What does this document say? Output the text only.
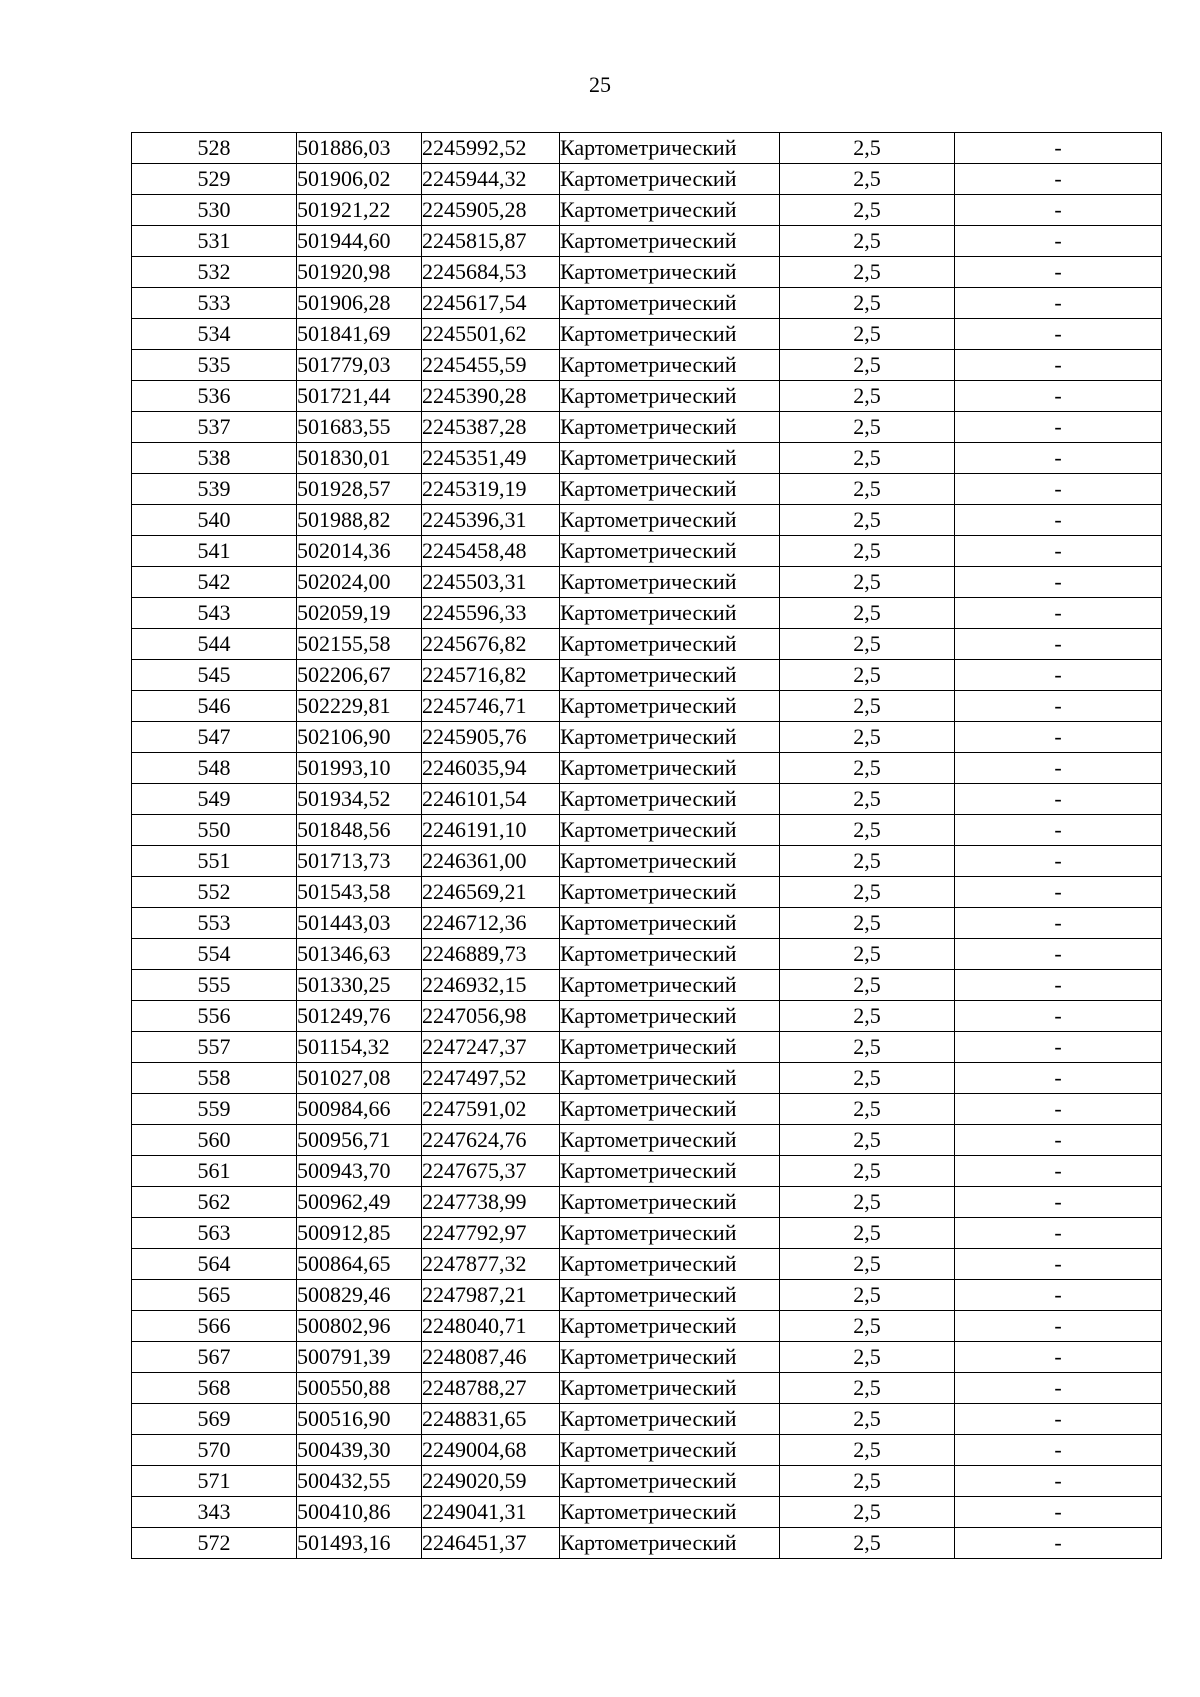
25
528	501886,03	2245992,52	Картометрический	2,5	-
529	501906,02	2245944,32	Картометрический	2,5	-
530	501921,22	2245905,28	Картометрический	2,5	-
531	501944,60	2245815,87	Картометрический	2,5	-
532	501920,98	2245684,53	Картометрический	2,5	-
533	501906,28	2245617,54	Картометрический	2,5	-
534	501841,69	2245501,62	Картометрический	2,5	-
535	501779,03	2245455,59	Картометрический	2,5	-
536	501721,44	2245390,28	Картометрический	2,5	-
537	501683,55	2245387,28	Картометрический	2,5	-
538	501830,01	2245351,49	Картометрический	2,5	-
539	501928,57	2245319,19	Картометрический	2,5	-
540	501988,82	2245396,31	Картометрический	2,5	-
541	502014,36	2245458,48	Картометрический	2,5	-
542	502024,00	2245503,31	Картометрический	2,5	-
543	502059,19	2245596,33	Картометрический	2,5	-
544	502155,58	2245676,82	Картометрический	2,5	-
545	502206,67	2245716,82	Картометрический	2,5	-
546	502229,81	2245746,71	Картометрический	2,5	-
547	502106,90	2245905,76	Картометрический	2,5	-
548	501993,10	2246035,94	Картометрический	2,5	-
549	501934,52	2246101,54	Картометрический	2,5	-
550	501848,56	2246191,10	Картометрический	2,5	-
551	501713,73	2246361,00	Картометрический	2,5	-
552	501543,58	2246569,21	Картометрический	2,5	-
553	501443,03	2246712,36	Картометрический	2,5	-
554	501346,63	2246889,73	Картометрический	2,5	-
555	501330,25	2246932,15	Картометрический	2,5	-
556	501249,76	2247056,98	Картометрический	2,5	-
557	501154,32	2247247,37	Картометрический	2,5	-
558	501027,08	2247497,52	Картометрический	2,5	-
559	500984,66	2247591,02	Картометрический	2,5	-
560	500956,71	2247624,76	Картометрический	2,5	-
561	500943,70	2247675,37	Картометрический	2,5	-
562	500962,49	2247738,99	Картометрический	2,5	-
563	500912,85	2247792,97	Картометрический	2,5	-
564	500864,65	2247877,32	Картометрический	2,5	-
565	500829,46	2247987,21	Картометрический	2,5	-
566	500802,96	2248040,71	Картометрический	2,5	-
567	500791,39	2248087,46	Картометрический	2,5	-
568	500550,88	2248788,27	Картометрический	2,5	-
569	500516,90	2248831,65	Картометрический	2,5	-
570	500439,30	2249004,68	Картометрический	2,5	-
571	500432,55	2249020,59	Картометрический	2,5	-
343	500410,86	2249041,31	Картометрический	2,5	-
572	501493,16	2246451,37	Картометрический	2,5	-
